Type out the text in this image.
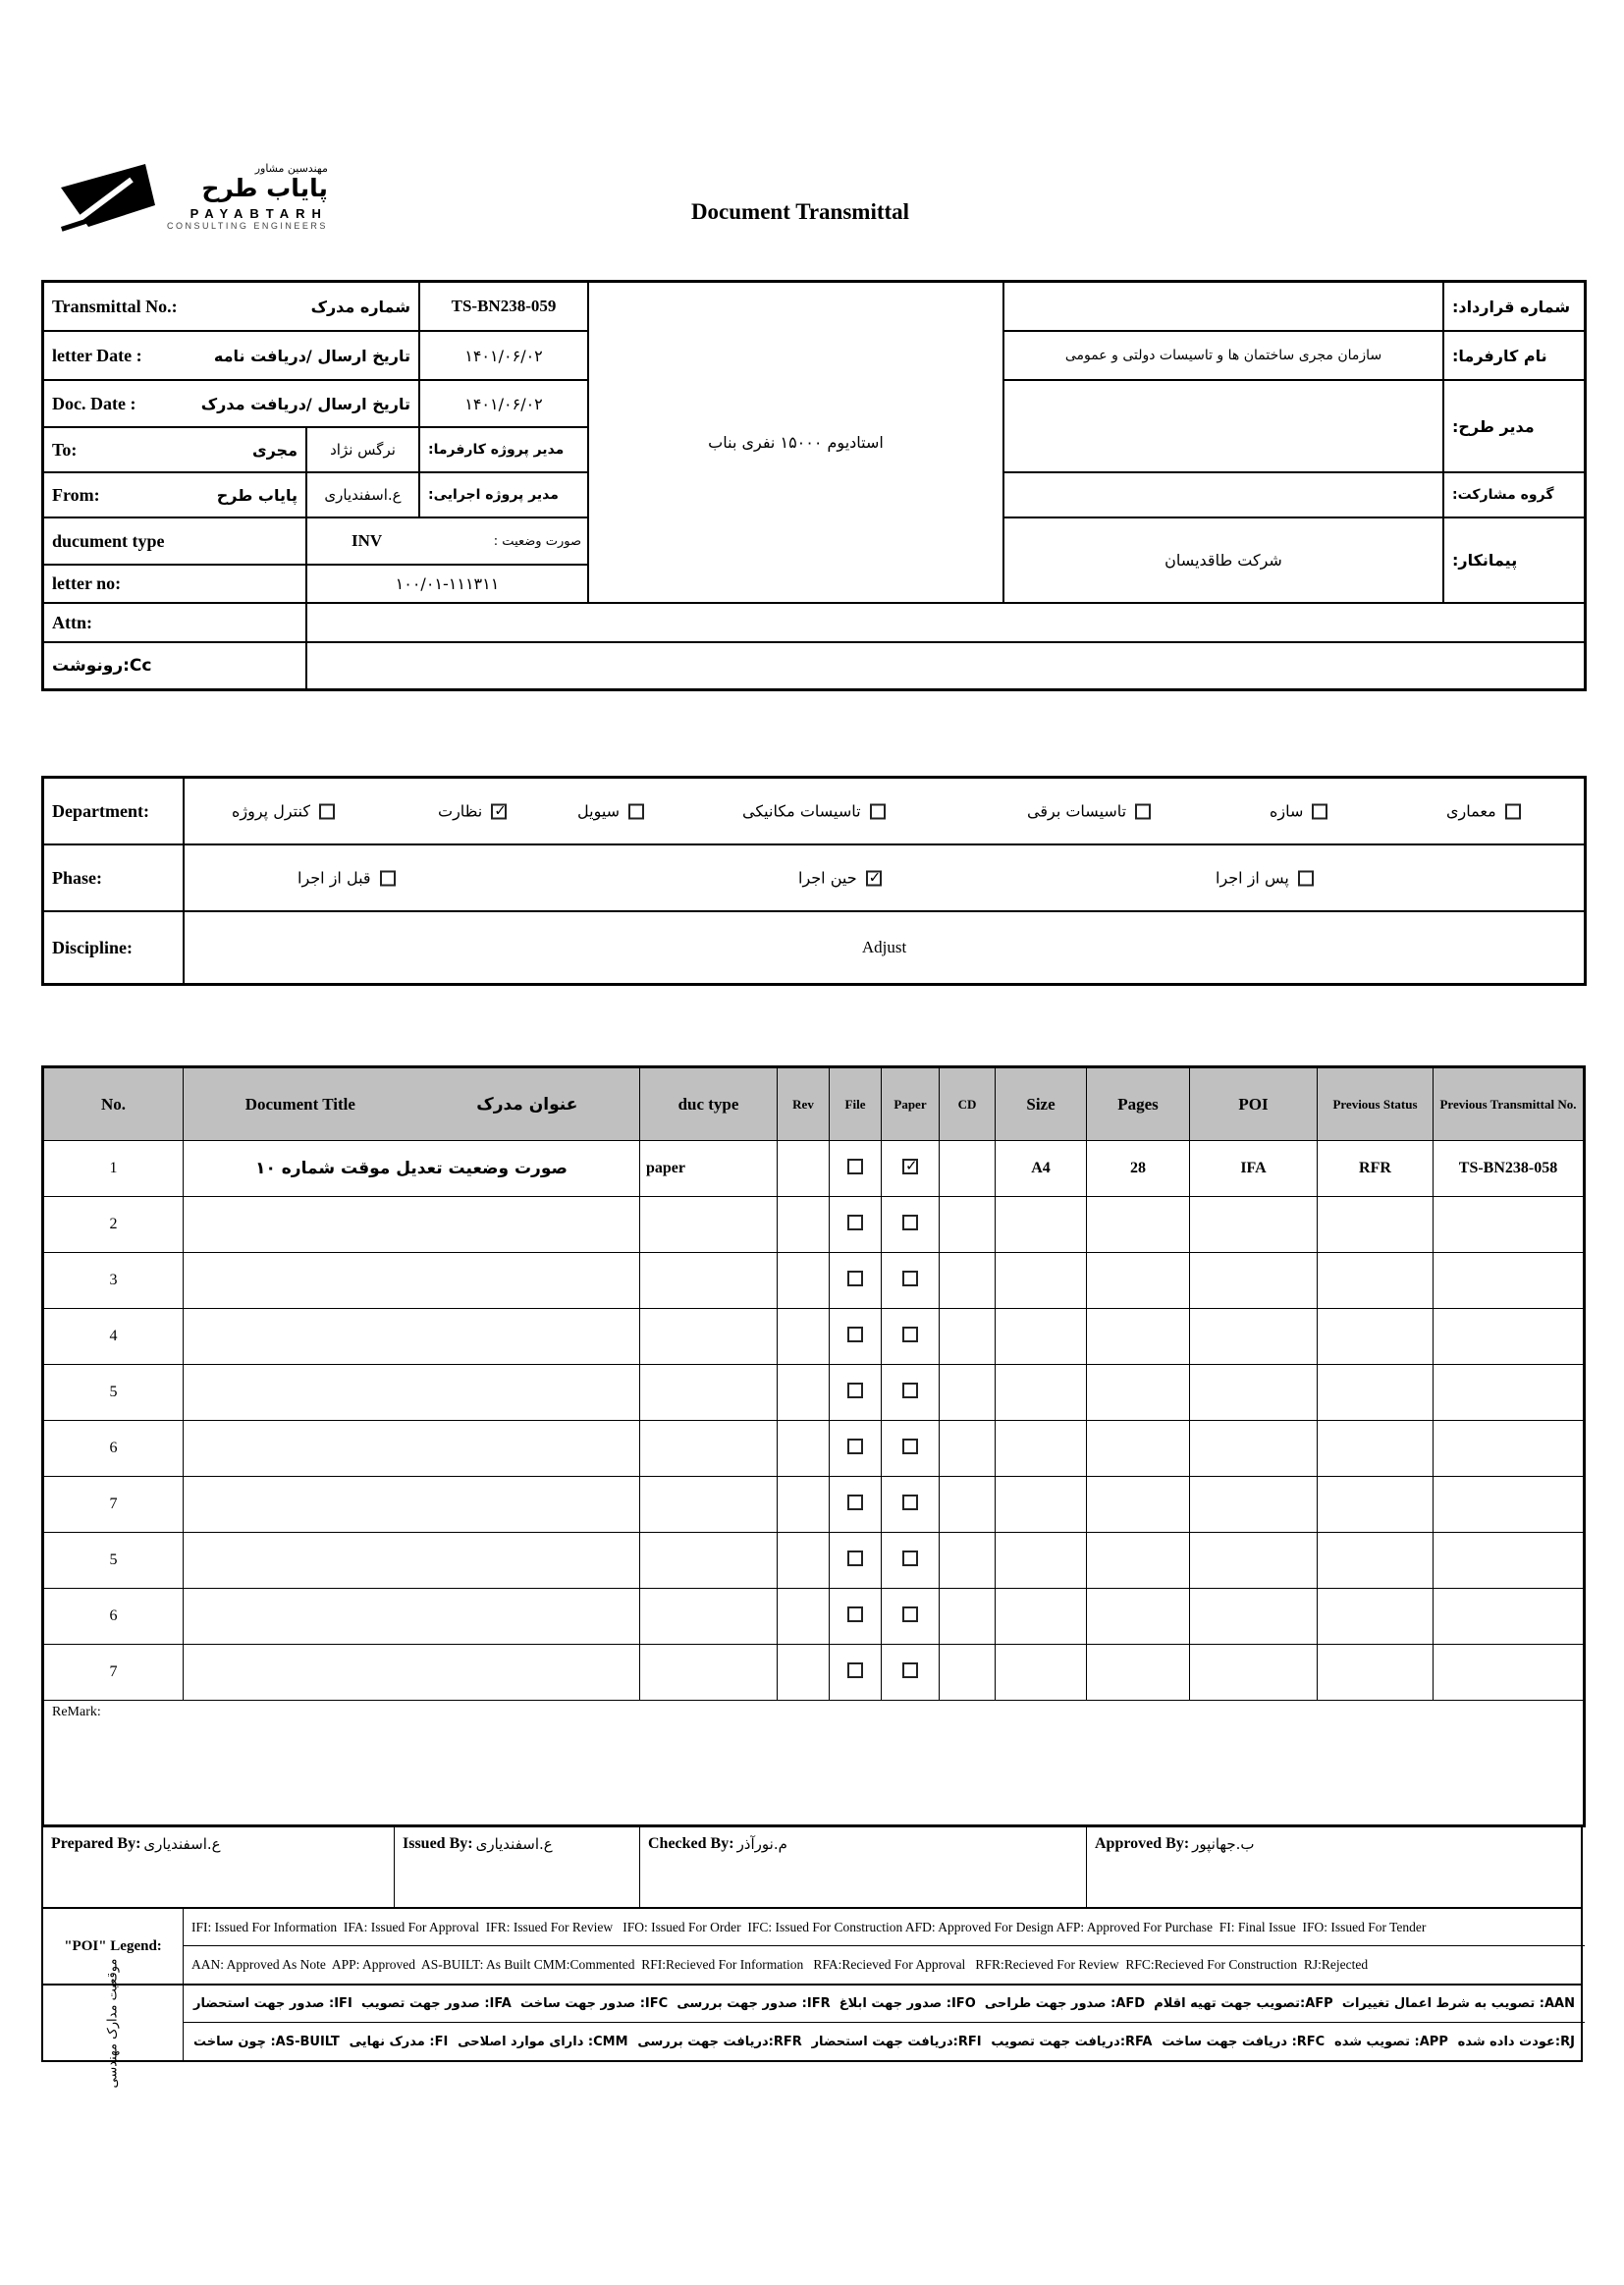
مهندسین مشاور
پایاب طرح
PAYABTARH
CONSULTING ENGINEERS
Document Transmittal
Transmittal No.:	شماره مدرک	TS-BN238-059
letter Date :	تاریخ ارسال /دریافت نامه	۱۴۰۱/۰۶/۰۲
Doc. Date :	تاریخ ارسال /دریافت مدرک	۱۴۰۱/۰۶/۰۲
To:	مجری	نرگس نژاد	مدیر پروژه کارفرما:
From:	پایاب طرح	ع.اسفندیاری	مدیر پروژه اجرایی:
ducument type	INV	صورت وضعیت :
letter no:	۱۰۰/۰۱-۱۱۱۳۱۱
Attn:
رونوشت:Cc
استادیوم ۱۵۰۰۰ نفری بناب
شماره قرارداد:
سازمان مجری ساختمان ها و تاسیسات دولتی و عمومی	نام کارفرما:
مدیر طرح:
گروه مشارکت:
شرکت طاقدیسان	پیمانکار:
Department:	کنترل پروژه	نظارت ✓	سیویل	تاسیسات مکانیکی	تاسیسات برقی	سازه	معماری
Phase:	قبل از اجرا	حین اجرا ✓	پس از اجرا
Discipline:	Adjust
No.	Document Title عنوان مدرک	duc type	Rev	File	Paper	CD	Size	Pages	POI	Previous Status	Previous Transmittal No.
1	صورت وضعیت تعدیل موقت شماره ۱۰	paper			✓		A4	28	IFA	RFR	TS-BN238-058
2											
3											
4											
5											
6											
7											
5											
6											
7											
ReMark:											
Prepared By: ع.اسفندیاری	Issued By: ع.اسفندیاری	Checked By: م.نورآذر	Approved By: ب.جهانپور
"POI" Legend:
IFI: Issued For Information  IFA: Issued For Approval  IFR: Issued For Review   IFO: Issued For Order  IFC: Issued For Construction AFD: Approved For Design AFP: Approved For Purchase  FI: Final Issue  IFO: Issued For Tender
AAN: Approved As Note  APP: Approved  AS-BUILT: As Built CMM:Commented  RFI:Recieved For Information   RFA:Recieved For Approval   RFR:Recieved For Review  RFC:Recieved For Construction  RJ:Rejected
موقعیت مدارک مهندسی	صدور جهت استحضار :IFI صدور جهت تصویب :IFA صدور جهت ساخت :IFC صدور جهت بررسی :IFR صدور جهت ابلاغ :IFO صدور جهت طراحی :AFD تصویب جهت تهیه اقلام:AFP تصویب به شرط اعمال تغییرات :AAN
چون ساخت :AS-BUILT مدرک نهایی :FI دارای موارد اصلاحی :CMM دریافت جهت بررسی:RFR دریافت جهت استحضار:RFI دریافت جهت تصویب:RFA دریافت جهت ساخت :RFC تصویب شده :APP عودت داده شده:RJ
